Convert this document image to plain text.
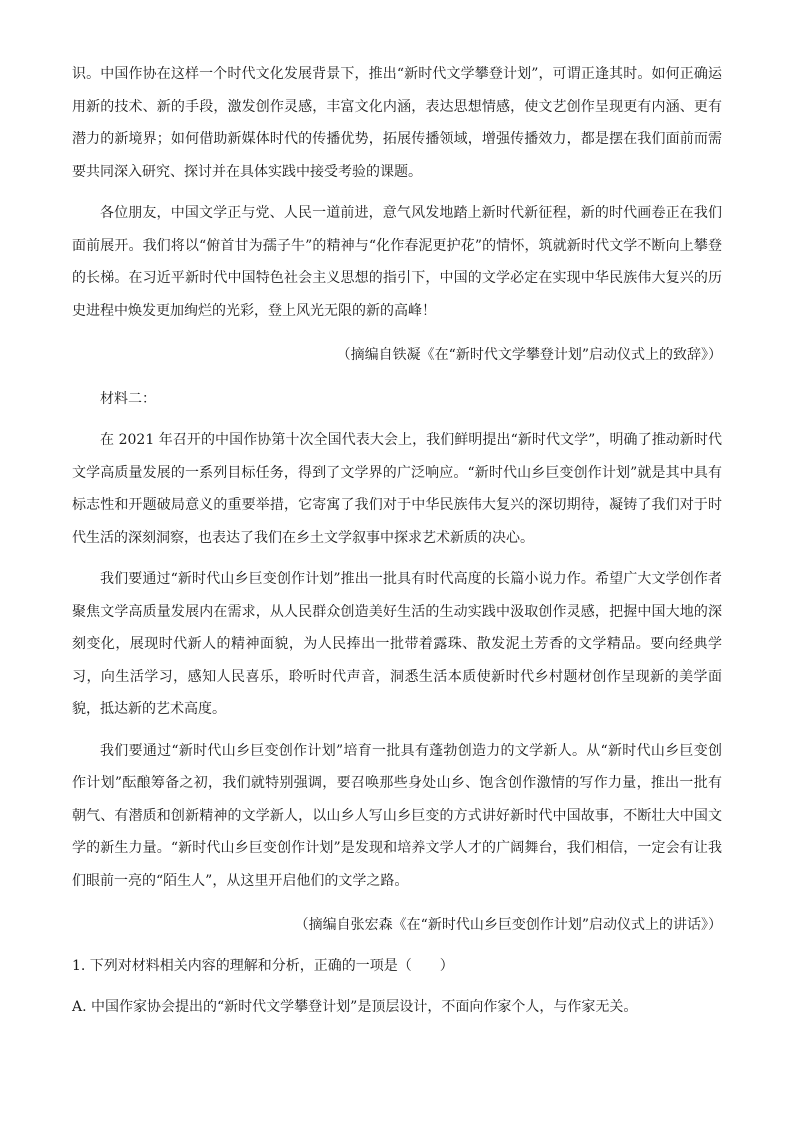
识。中国作协在这样一个时代文化发展背景下，推出“新时代文学攀登计划”，可谓正逢其时。如何正确运用新的技术、新的手段，激发创作灵感，丰富文化内涵，表达思想情感，使文艺创作呈现更有内涵、更有潜力的新境界；如何借助新媒体时代的传播优势，拓展传播领域，增强传播效力，都是摆在我们面前而需要共同深入研究、探讨并在具体实践中接受考验的课题。

各位朋友，中国文学正与党、人民一道前进，意气风发地踏上新时代新征程，新的时代画卷正在我们面前展开。我们将以“俯首甘为孺子牛”的精神与“化作春泥更护花”的情怀，筑就新时代文学不断向上攀登的长梯。在习近平新时代中国特色社会主义思想的指引下，中国的文学必定在实现中华民族伟大复兴的历史进程中焕发更加绚烂的光彩，登上风光无限的新的高峰！

（摘编自铁凝《在“新时代文学攀登计划”启动仪式上的致辞》）

材料二：

在 2021 年召开的中国作协第十次全国代表大会上，我们鲜明提出“新时代文学”，明确了推动新时代文学高质量发展的一系列目标任务，得到了文学界的广泛响应。“新时代山乡巨变创作计划”就是其中具有标志性和开题破局意义的重要举措，它寄寓了我们对于中华民族伟大复兴的深切期待，凝铸了我们对于时代生活的深刻洞察，也表达了我们在乡土文学叙事中探求艺术新质的决心。

我们要通过“新时代山乡巨变创作计划”推出一批具有时代高度的长篇小说力作。希望广大文学创作者聚焦文学高质量发展内在需求，从人民群众创造美好生活的生动实践中汲取创作灵感，把握中国大地的深刻变化，展现时代新人的精神面貌，为人民捧出一批带着露珠、散发泥土芳香的文学精品。要向经典学习，向生活学习，感知人民喜乐，聆听时代声音，洞悉生活本质使新时代乡村题材创作呈现新的美学面貌，抵达新的艺术高度。

我们要通过“新时代山乡巨变创作计划”培育一批具有蓬勃创造力的文学新人。从“新时代山乡巨变创作计划”酝酿筹备之初，我们就特别强调，要召唤那些身处山乡、饱含创作激情的写作力量，推出一批有朝气、有潜质和创新精神的文学新人，以山乡人写山乡巨变的方式讲好新时代中国故事，不断壮大中国文学的新生力量。“新时代山乡巨变创作计划”是发现和培养文学人才的广阔舞台，我们相信，一定会有让我们眼前一亮的“陌生人”，从这里开启他们的文学之路。

（摘编自张宏森《在“新时代山乡巨变创作计划”启动仪式上的讲话》）

1. 下列对材料相关内容的理解和分析，正确的一项是（　　）

A. 中国作家协会提出的“新时代文学攀登计划”是顶层设计，不面向作家个人，与作家无关。
